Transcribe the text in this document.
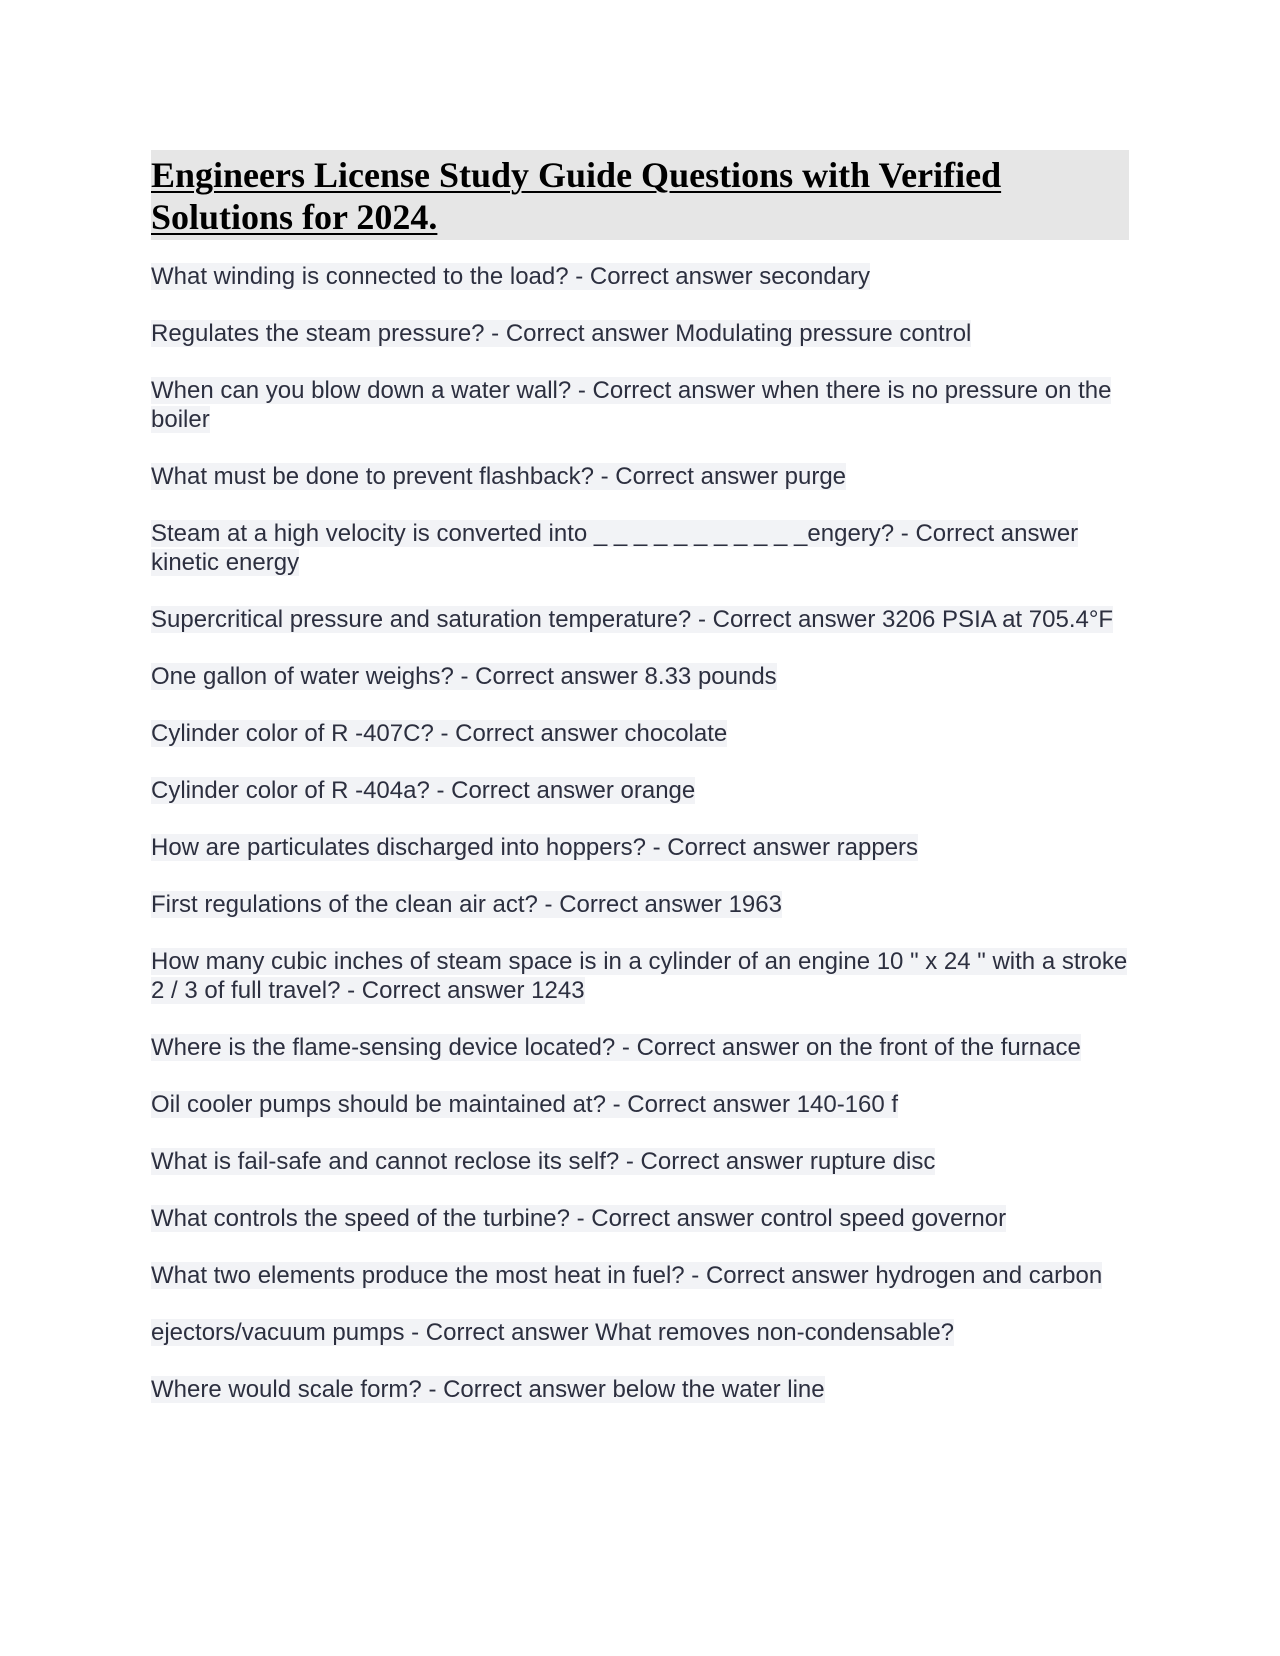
Engineers License Study Guide Questions with Verified Solutions for 2024.
What winding is connected to the load? - Correct answer secondary
Regulates the steam pressure? - Correct answer Modulating pressure control
When can you blow down a water wall? - Correct answer when there is no pressure on the boiler
What must be done to prevent flashback? - Correct answer purge
Steam at a high velocity is converted into _ _ _ _ _ _ _ _ _ _ _engery? - Correct answer kinetic energy
Supercritical pressure and saturation temperature? - Correct answer 3206 PSIA at 705.4°F
One gallon of water weighs? - Correct answer 8.33 pounds
Cylinder color of R -407C? - Correct answer chocolate
Cylinder color of R -404a? - Correct answer orange
How are particulates discharged into hoppers? - Correct answer rappers
First regulations of the clean air act? - Correct answer 1963
How many cubic inches of steam space is in a cylinder of an engine 10 " x 24 " with a stroke 2 / 3 of full travel? - Correct answer 1243
Where is the flame-sensing device located? - Correct answer on the front of the furnace
Oil cooler pumps should be maintained at? - Correct answer 140-160 f
What is fail-safe and cannot reclose its self? - Correct answer rupture disc
What controls the speed of the turbine? - Correct answer control speed governor
What two elements produce the most heat in fuel? - Correct answer hydrogen and carbon
ejectors/vacuum pumps - Correct answer What removes non-condensable?
Where would scale form? - Correct answer below the water line
